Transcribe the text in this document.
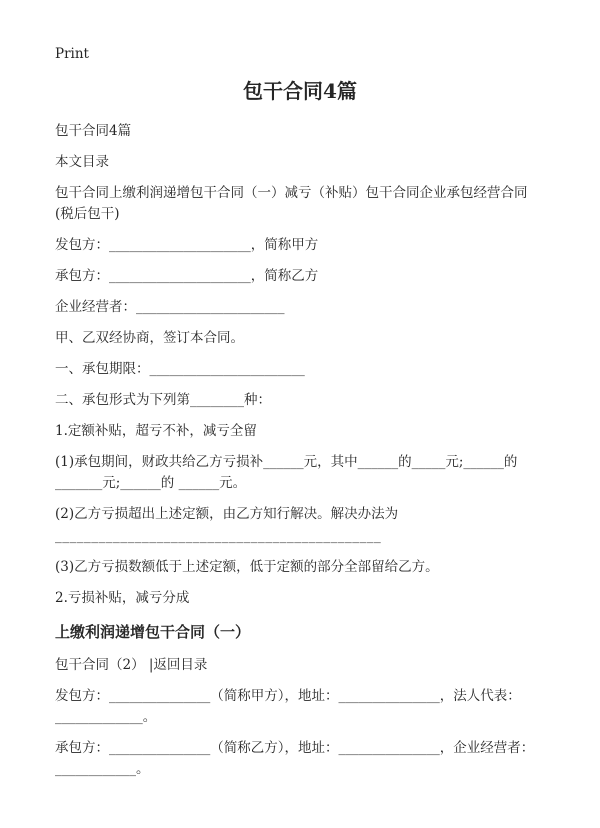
Print
包干合同4篇

包干合同4篇

本文目录

包干合同上缴利润递增包干合同（一）减亏（补贴）包干合同企业承包经营合同(税后包干)

发包方：_____________________，简称甲方

承包方：_____________________，简称乙方

企业经营者：______________________

甲、乙双经协商，签订本合同。

一、承包期限：_______________________

二、承包形式为下列第________种：

1.定额补贴，超亏不补，减亏全留

(1)承包期间，财政共给乙方亏损补______元，其中______的_____元;______的_______元;______的 ______元。

(2)乙方亏损超出上述定额，由乙方知行解决。解决办法为

_____________________________________________

(3)乙方亏损数额低于上述定额，低于定额的部分全部留给乙方。

2.亏损补贴，减亏分成

上缴利润递增包干合同（一）

包干合同（2） |返回目录

发包方：_______________（简称甲方），地址：_______________，法人代表：_____________。

承包方：_______________（简称乙方），地址：_______________，企业经营者：____________。
